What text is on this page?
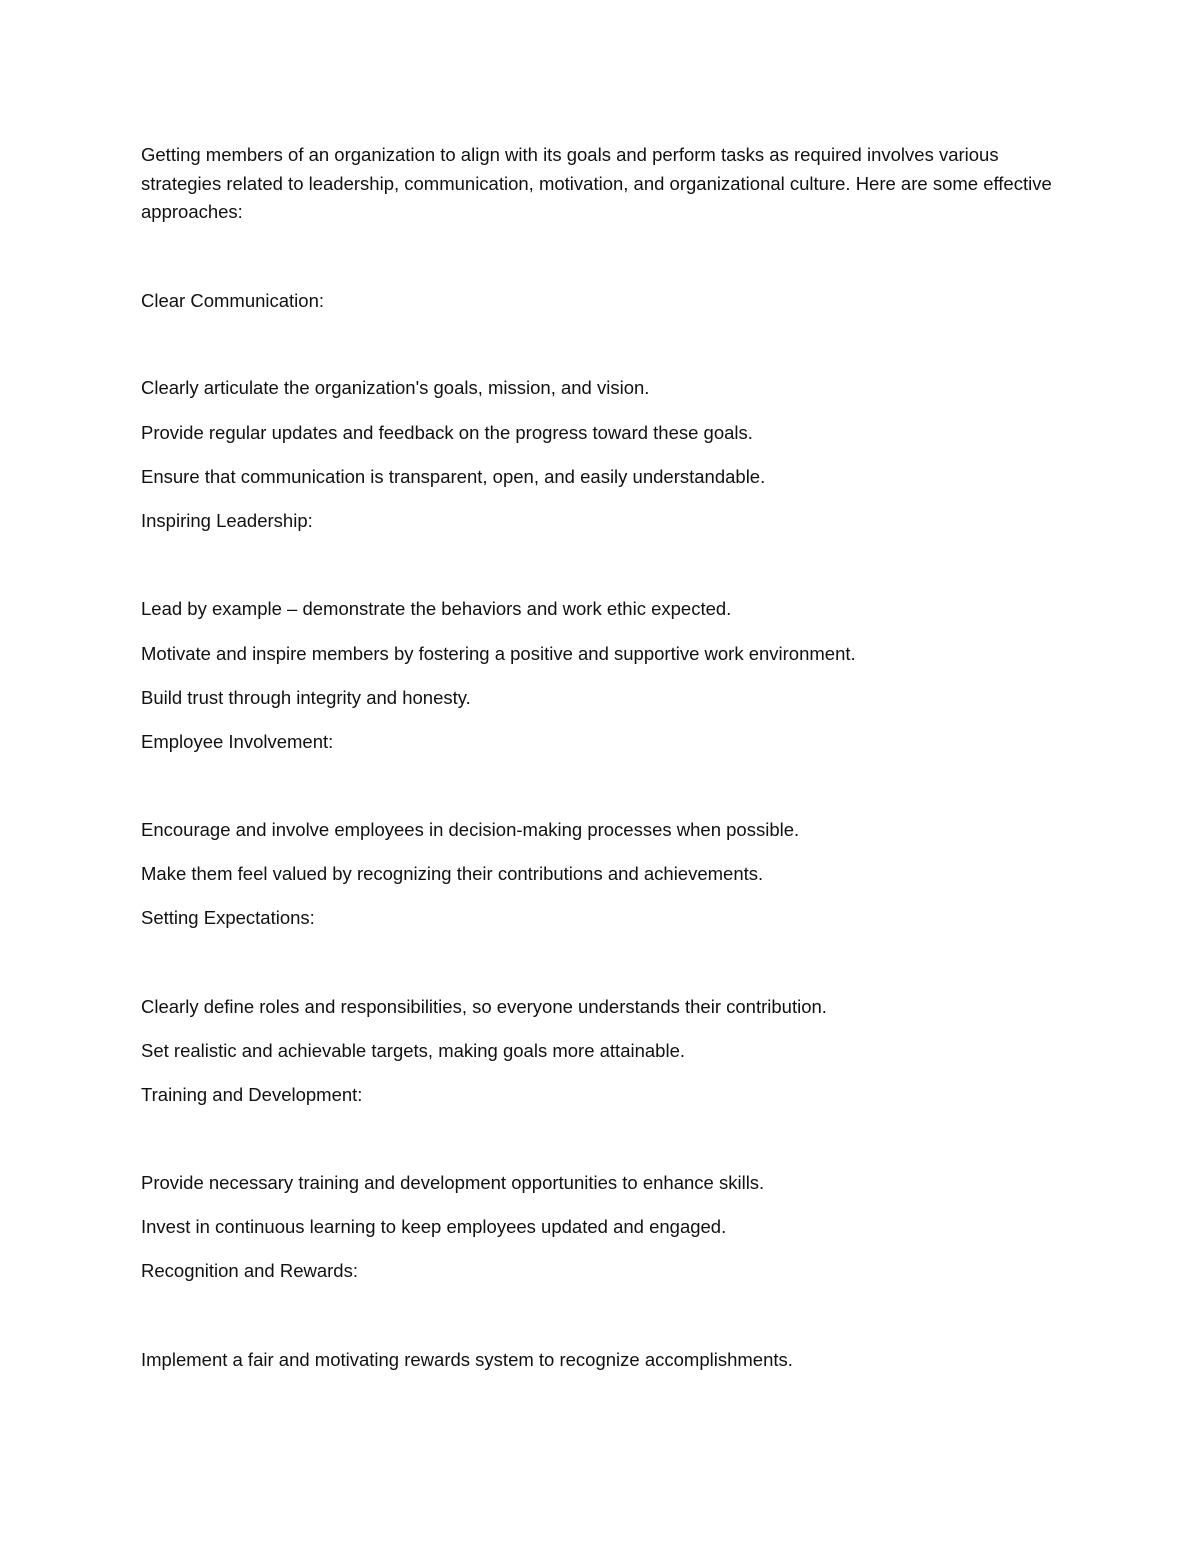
Getting members of an organization to align with its goals and perform tasks as required involves various strategies related to leadership, communication, motivation, and organizational culture. Here are some effective approaches:

Clear Communication:
Clearly articulate the organization's goals, mission, and vision.
Provide regular updates and feedback on the progress toward these goals.
Ensure that communication is transparent, open, and easily understandable.
Inspiring Leadership:
Lead by example – demonstrate the behaviors and work ethic expected.
Motivate and inspire members by fostering a positive and supportive work environment.
Build trust through integrity and honesty.
Employee Involvement:
Encourage and involve employees in decision-making processes when possible.
Make them feel valued by recognizing their contributions and achievements.
Setting Expectations:
Clearly define roles and responsibilities, so everyone understands their contribution.
Set realistic and achievable targets, making goals more attainable.
Training and Development:
Provide necessary training and development opportunities to enhance skills.
Invest in continuous learning to keep employees updated and engaged.
Recognition and Rewards:
Implement a fair and motivating rewards system to recognize accomplishments.
